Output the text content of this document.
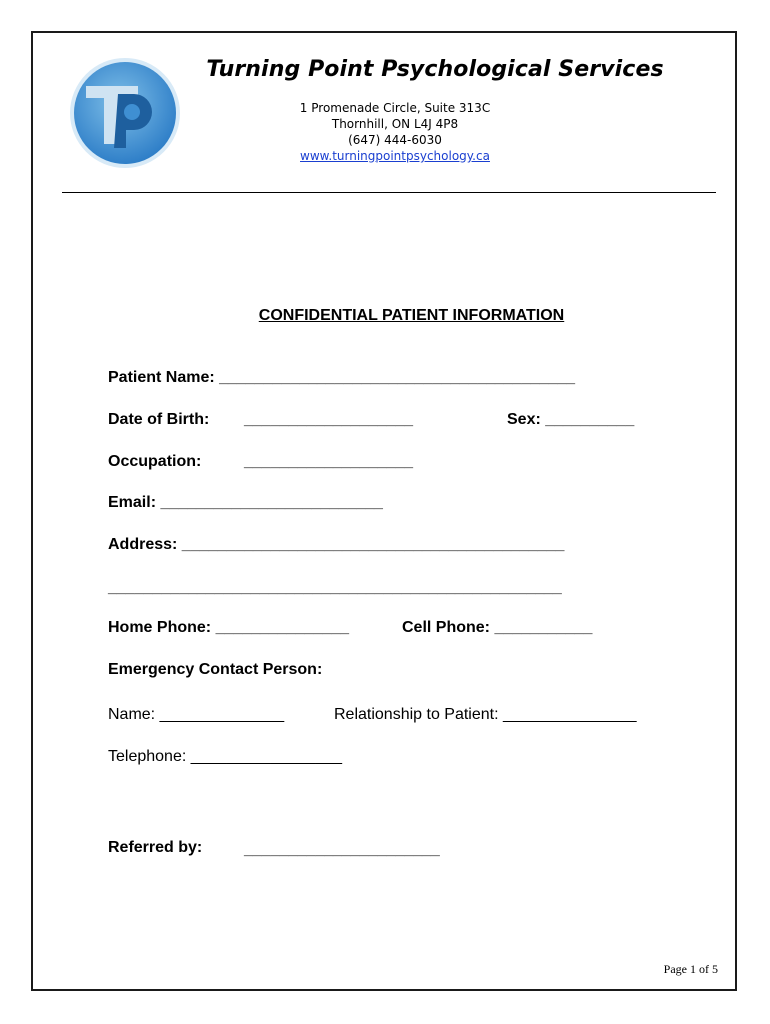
Turning Point Psychological Services
1 Promenade Circle, Suite 313C
Thornhill, ON L4J 4P8
(647) 444-6030
www.turningpointpsychology.ca
CONFIDENTIAL PATIENT INFORMATION
Patient Name: ________________________________________
Date of Birth: ___________________	Sex: __________
Occupation:	___________________
Email: _________________________
Address: ___________________________________________
___________________________________________________
Home Phone: _______________	Cell Phone: ___________
Emergency Contact Person:
Name: ______________	Relationship to Patient: _______________
Telephone: _________________
Referred by:	______________________
Page 1 of 5
